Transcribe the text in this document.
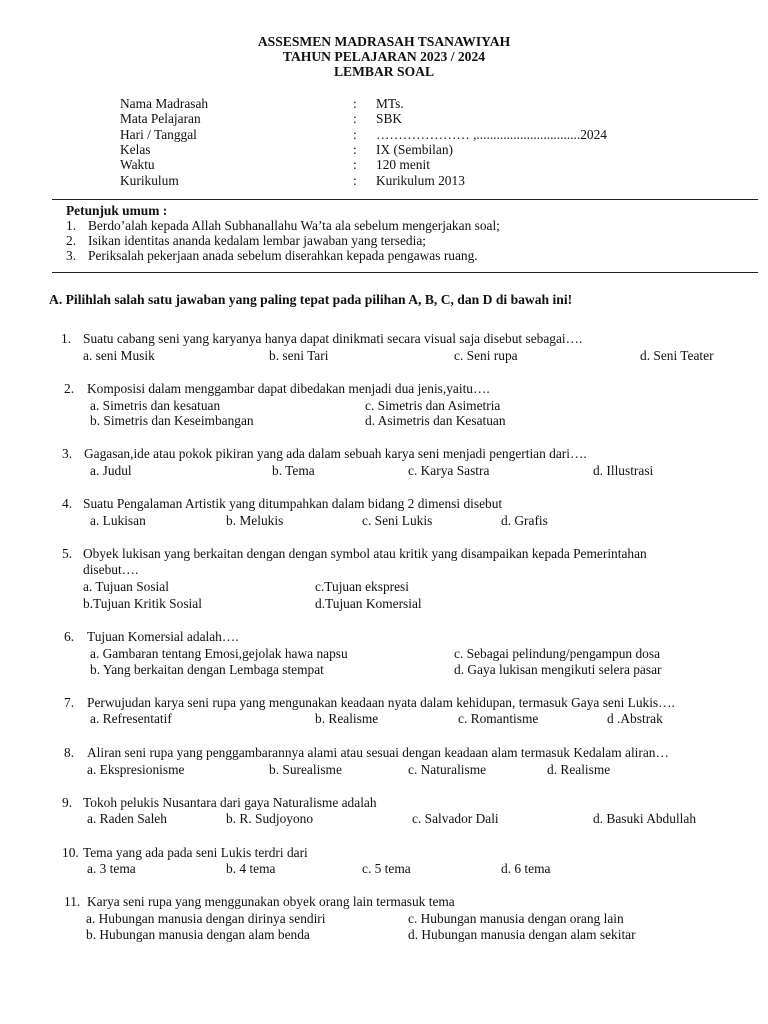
ASSESMEN MADRASAH TSANAWIYAH
TAHUN PELAJARAN 2023 / 2024
LEMBAR SOAL
Nama Madrasah	: MTs.
Mata Pelajaran	: SBK
Hari / Tanggal	: ………………… ,...............................2024
Kelas	: IX (Sembilan)
Waktu	: 120 menit
Kurikulum	: Kurikulum 2013
Petunjuk umum :
1. Berdo’alah kepada Allah Subhanallahu Wa’ta ala sebelum mengerjakan soal;
2. Isikan identitas ananda kedalam lembar jawaban yang tersedia;
3. Periksalah pekerjaan anada sebelum diserahkan kepada pengawas ruang.
A. Pilihlah salah satu jawaban yang paling tepat pada pilihan A, B, C, dan D di bawah ini!
1. Suatu cabang seni yang karyanya hanya dapat dinikmati secara visual saja disebut sebagai….
a. seni Musik	b. seni Tari	c. Seni rupa	d. Seni Teater
2. Komposisi dalam menggambar dapat dibedakan menjadi dua jenis,yaitu….
a. Simetris dan kesatuan	c. Simetris dan Asimetria
b. Simetris dan Keseimbangan	d. Asimetris dan Kesatuan
3. Gagasan,ide atau pokok pikiran yang ada dalam sebuah karya seni menjadi pengertian dari….
a. Judul	b. Tema	c. Karya Sastra	d. Illustrasi
4. Suatu Pengalaman Artistik yang ditumpahkan dalam bidang 2 dimensi disebut
a. Lukisan	b. Melukis	c. Seni Lukis	d. Grafis
5. Obyek lukisan yang berkaitan dengan dengan symbol atau kritik yang disampaikan kepada Pemerintahan
disebut….
a. Tujuan Sosial	c.Tujuan ekspresi
b.Tujuan Kritik Sosial	d.Tujuan Komersial
6. Tujuan Komersial adalah….
a. Gambaran tentang Emosi,gejolak hawa napsu	c. Sebagai pelindung/pengampun dosa
b. Yang berkaitan dengan Lembaga stempat	d. Gaya lukisan mengikuti selera pasar
7. Perwujudan karya seni rupa yang mengunakan keadaan nyata dalam kehidupan, termasuk Gaya seni Lukis….
a. Refresentatif	b. Realisme	c. Romantisme	d .Abstrak
8. Aliran seni rupa yang penggambarannya alami atau sesuai dengan keadaan alam termasuk Kedalam aliran…
a. Ekspresionisme	b. Surealisme	c. Naturalisme	d. Realisme
9. Tokoh pelukis Nusantara dari gaya Naturalisme adalah
a. Raden Saleh	b. R. Sudjoyono	c. Salvador Dali	d. Basuki Abdullah
10. Tema yang ada pada seni Lukis terdri dari
a. 3 tema	b. 4 tema	c. 5 tema	d. 6 tema
11. Karya seni rupa yang menggunakan obyek orang lain termasuk tema
a. Hubungan manusia dengan dirinya sendiri	c. Hubungan manusia dengan orang lain
b. Hubungan manusia dengan alam benda	d. Hubungan manusia dengan alam sekitar
